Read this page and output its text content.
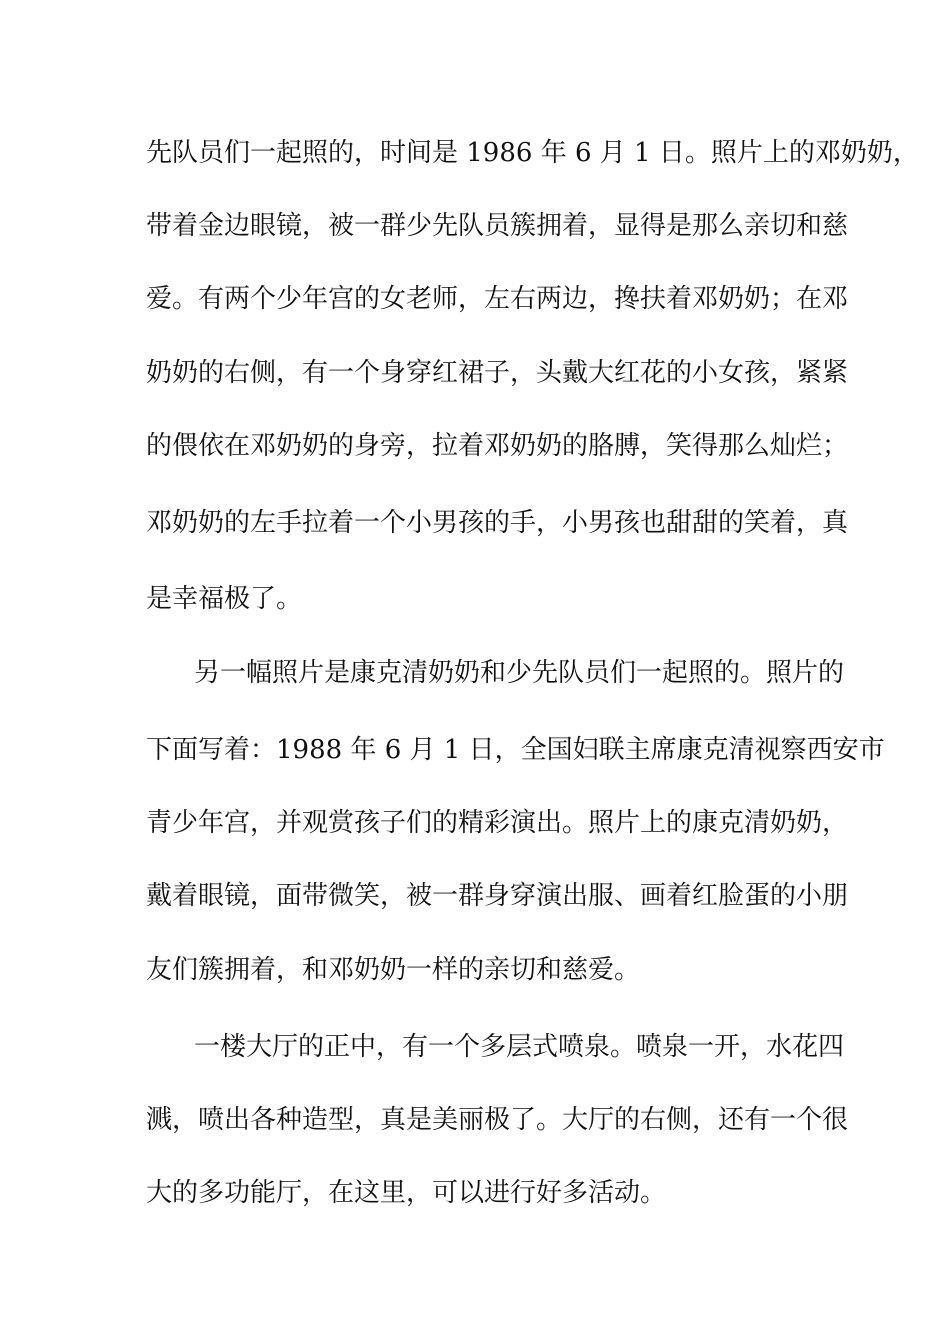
先队员们一起照的，时间是 1986 年 6 月 1 日。照片上的邓奶奶，
带着金边眼镜，被一群少先队员簇拥着，显得是那么亲切和慈
爱。有两个少年宫的女老师，左右两边，搀扶着邓奶奶；在邓
奶奶的右侧，有一个身穿红裙子，头戴大红花的小女孩，紧紧
的偎依在邓奶奶的身旁，拉着邓奶奶的胳膊，笑得那么灿烂；
邓奶奶的左手拉着一个小男孩的手，小男孩也甜甜的笑着，真
是幸福极了。
另一幅照片是康克清奶奶和少先队员们一起照的。照片的
下面写着：1988 年 6 月 1 日，全国妇联主席康克清视察西安市
青少年宫，并观赏孩子们的精彩演出。照片上的康克清奶奶，
戴着眼镜，面带微笑，被一群身穿演出服、画着红脸蛋的小朋
友们簇拥着，和邓奶奶一样的亲切和慈爱。
一楼大厅的正中，有一个多层式喷泉。喷泉一开，水花四
溅，喷出各种造型，真是美丽极了。大厅的右侧，还有一个很
大的多功能厅，在这里，可以进行好多活动。
